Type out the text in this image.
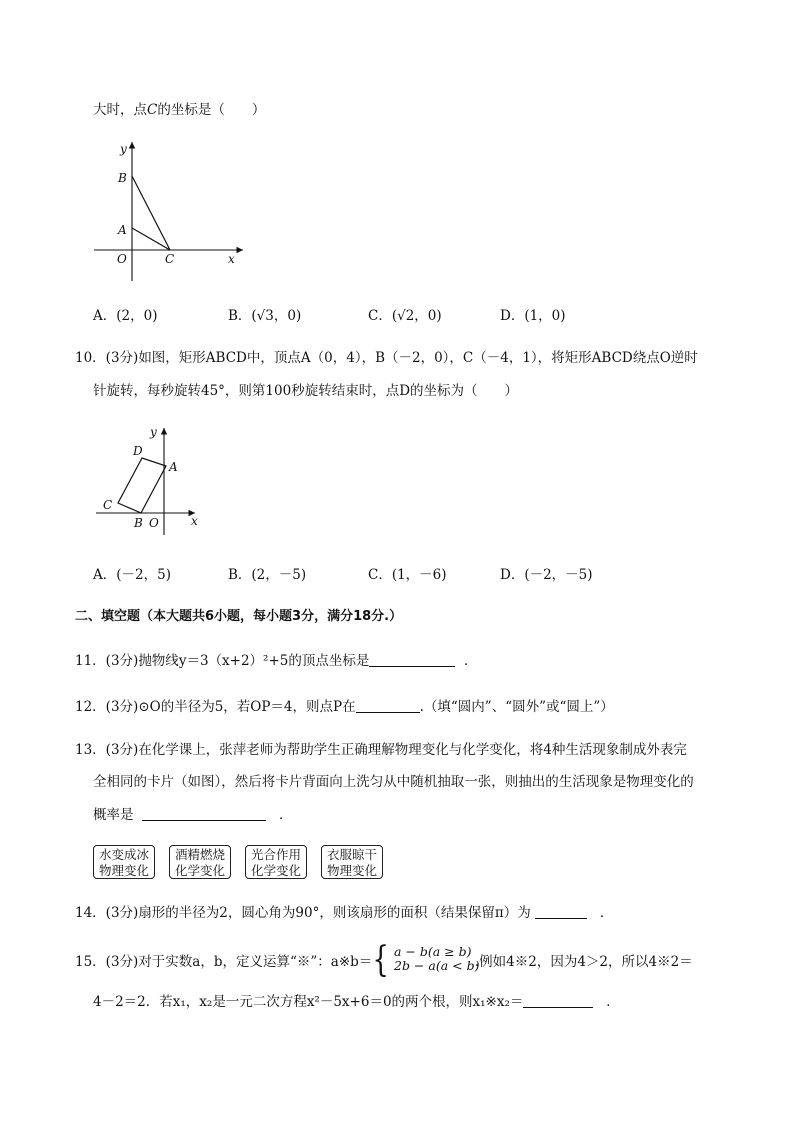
大时，点C的坐标是（　　）
y
x
B
A
O	C
A．(2，0)	B．(√3，0)	C．(√2，0)	D．(1，0)
10．(3分)如图，矩形ABCD中，顶点A（0，4），B（－2，0），C（－4，1），将矩形ABCD绕点O逆时
针旋转，每秒旋转45°，则第100秒旋转结束时，点D的坐标为（　　）
y
x
A
B
C
D
O
A．(－2，5)	B．(2，－5)	C．(1，－6)	D．(－2，－5)
二、填空题（本大题共6小题，每小题3分，满分18分.）
11．(3分)抛物线y＝3（x+2）²+5的顶点坐标是	．
12．(3分)⊙O的半径为5，若OP＝4，则点P在	.（填“圆内”、“圆外”或“圆上”）
13．(3分)在化学课上，张萍老师为帮助学生正确理解物理变化与化学变化，将4种生活现象制成外表完
全相同的卡片（如图），然后将卡片背面向上洗匀从中随机抽取一张，则抽出的生活现象是物理变化的
概率是	．
水变成冰
物理变化
酒精燃烧
化学变化
光合作用
化学变化
衣服晾干
物理变化
14．(3分)扇形的半径为2，圆心角为90°，则该扇形的面积（结果保留π）为	．
15．(3分)对于实数a，b，定义运算“※”：a※b＝{	.例如4※2，因为4＞2，所以4※2＝
a − b(a ≥ b)
2b − a(a < b)
4－2＝2．若x₁，x₂是一元二次方程x²－5x+6＝0的两个根，则x₁※x₂＝	．
